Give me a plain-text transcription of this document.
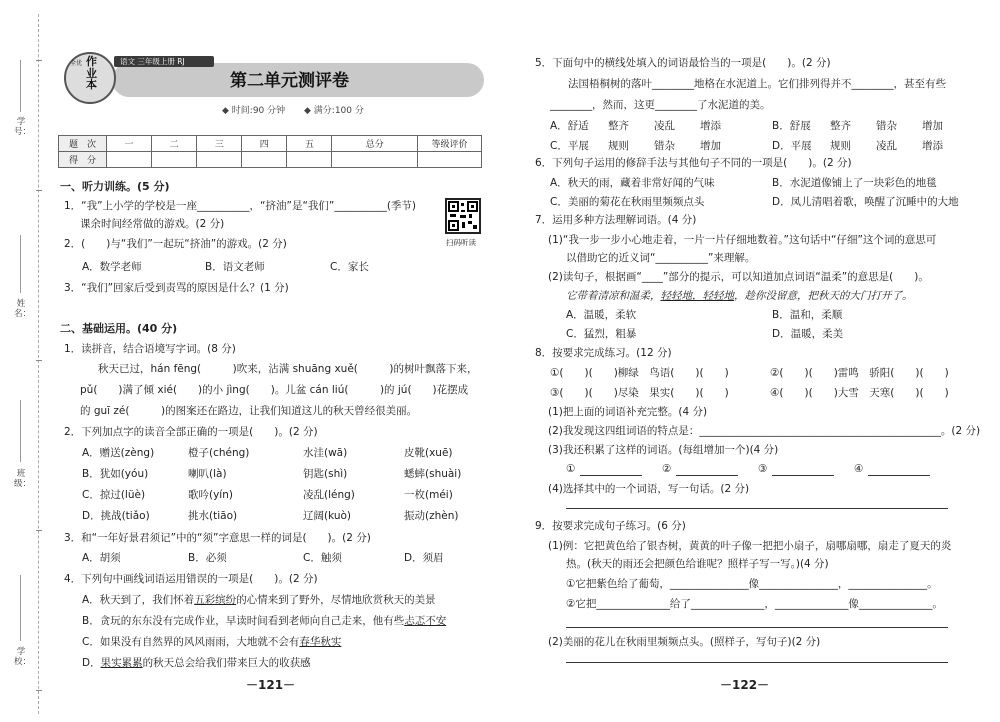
学号：
姓名：
班级：
学校：
语文 三年级上册 RJ
全优 作业本	第二单元测评卷
◆ 时间:90 分钟 ◆ 满分:100 分
题　次	一	二	三	四	五	总分	等级评价
得　分							
一、听力训练。(5 分)
1．“我”上小学的学校是一座__________，“挤油”是“我们”__________(季节)
课余时间经常做的游戏。(2 分)
扫码听读
2．(　　)与“我们”一起玩“挤油”的游戏。(2 分)
A．数学老师	B．语文老师	C．家长
3．“我们”回家后受到责骂的原因是什么？(1 分)
二、基础运用。(40 分)
1．读拼音，结合语境写字词。(8 分)
秋天已过，hán fēng(　　　)吹来，沾满 shuāng xuě(　　　)的树叶飘落下来，
pǔ(　　)满了倾 xié(　　)的小 jìng(　　)。儿盆 cán liú(　　　)的 jú(　　)花摆成
的 guī zé(　　　)的图案还在路边，让我们知道这儿的秋天曾经很美丽。
2．下列加点字的读音全部正确的一项是(　　)。(2 分)
A．赠送(zèng)	橙子(chéng)	水洼(wā)	皮靴(xuē)
B．犹如(yóu)	喇叭(là)	钥匙(shì)	蟋蟀(shuài)
C．掠过(lüè)	歌吟(yín)	凌乱(léng)	一枚(méi)
D．挑战(tiǎo)	挑水(tiāo)	辽阔(kuò)	振动(zhèn)
3．和“一年好景君须记”中的“须”字意思一样的词是(　　)。(2 分)
A．胡须	B．必须	C．触须	D．须眉
4．下列句中画线词语运用错误的一项是(　　)。(2 分)
A．秋天到了，我们怀着五彩缤纷的心情来到了野外，尽情地欣赏秋天的美景
B．贪玩的东东没有完成作业，早读时间看到老师向自己走来，他有些忐忑不安
C．如果没有自然界的风风雨雨，大地就不会有春华秋实
D．果实累累的秋天总会给我们带来巨大的收获感
－121－
5．下面句中的横线处填入的词语最恰当的一项是(　　)。(2 分)
法国梧桐树的落叶________地格在水泥道上。它们排列得并不________，甚至有些
________，然而，这更________了水泥道的美。
A．舒适 整齐 凌乱 增添	B．舒展 整齐 错杂 增加
C．平展 规则 错杂 增加	D．平展 规则 凌乱 增添
6．下列句子运用的修辞手法与其他句子不同的一项是(　　)。(2 分)
A．秋天的雨，藏着非常好闻的气味	B．水泥道像铺上了一块彩色的地毯
C．美丽的菊花在秋雨里频频点头	D．凤儿清唱着歌，唤醒了沉睡中的大地
7．运用多种方法理解词语。(4 分)
(1)“我一步一步小心地走着，一片一片仔细地数着。”这句话中“仔细”这个词的意思可
以借助它的近义词“__________”来理解。
(2)读句子，根据画“____”部分的提示，可以知道加点词语“温柔”的意思是(　　)。
它带着清凉和温柔，轻轻地，轻轻地，趁你没留意，把秋天的大门打开了。
A．温暖，柔软	B．温和，柔顺
C．猛烈，粗暴	D．温暖，柔美
8．按要求完成练习。(12 分)
①(　　)(　　)柳绿　鸟语(　　)(　　)	②(　　)(　　)雷鸣　骄阳(　　)(　　)
③(　　)(　　)尽染　果实(　　)(　　)	④(　　)(　　)大雪　天寒(　　)(　　)
(1)把上面的词语补充完整。(4 分)
(2)我发现这四组词语的特点是：______________________________________________。(2 分)
(3)我还积累了这样的词语。(每组增加一个)(4 分)
①	②	③	④
(4)选择其中的一个词语，写一句话。(2 分)
9．按要求完成句子练习。(6 分)
(1)例：它把黄色给了银杏树，黄黄的叶子像一把把小扇子，扇哪扇哪，扇走了夏天的炎
热。(秋天的雨还会把颜色给谁呢？照样子写一写。)(4 分)
①它把紫色给了葡萄，_______________像_______________，_______________。
②它把______________给了______________，______________像______________。
(2)美丽的花儿在秋雨里频频点头。(照样子，写句子)(2 分)
－122－
